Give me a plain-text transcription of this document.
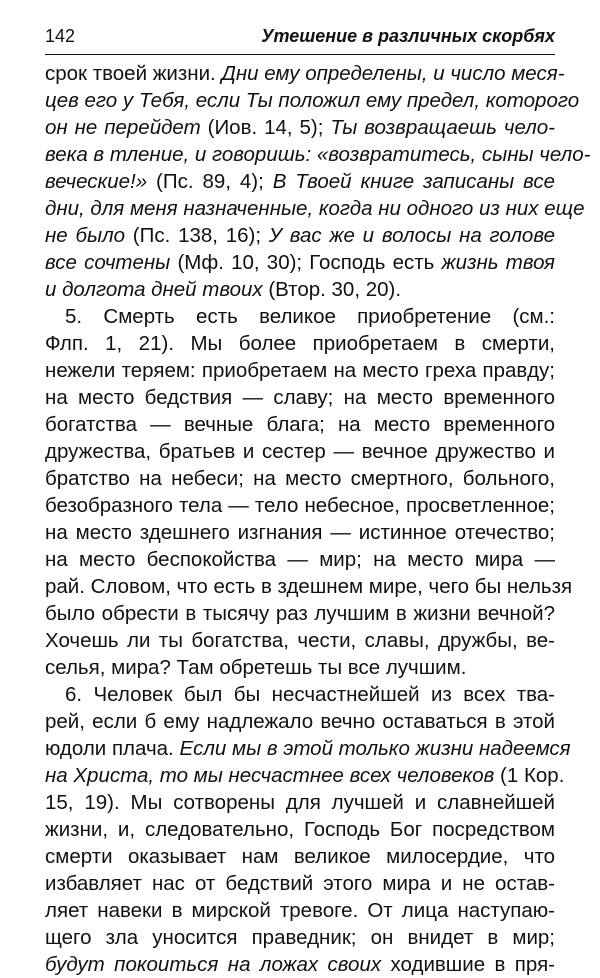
142	Утешение в различных скорбях
срок твоей жизни. Дни ему определены, и число меся-
цев его у Тебя, если Ты положил ему предел, которого
он не перейдет (Иов. 14, 5); Ты возвращаешь чело-
века в тление, и говоришь: «возвратитесь, сыны чело-
веческие!» (Пс. 89, 4); В Твоей книге записаны все
дни, для меня назначенные, когда ни одного из них еще
не было (Пс. 138, 16); У вас же и волосы на голове
все сочтены (Мф. 10, 30); Господь есть жизнь твоя
и долгота дней твоих (Втор. 30, 20).
5. Смерть есть великое приобретение (см.:
Флп. 1, 21). Мы более приобретаем в смерти,
нежели теряем: приобретаем на место греха правду;
на место бедствия — славу; на место временного
богатства — вечные блага; на место временного
дружества, братьев и сестер — вечное дружество и
братство на небеси; на место смертного, больного,
безобразного тела — тело небесное, просветленное;
на место здешнего изгнания — истинное отечество;
на место беспокойства — мир; на место мира —
рай. Словом, что есть в здешнем мире, чего бы нельзя
было обрести в тысячу раз лучшим в жизни вечной?
Хочешь ли ты богатства, чести, славы, дружбы, ве-
селья, мира? Там обретешь ты все лучшим.
6. Человек был бы несчастнейшей из всех тва-
рей, если б ему надлежало вечно оставаться в этой
юдоли плача. Если мы в этой только жизни надеемся
на Христа, то мы несчастнее всех человеков (1 Кор.
15, 19). Мы сотворены для лучшей и славнейшей
жизни, и, следовательно, Господь Бог посредством
смерти оказывает нам великое милосердие, что
избавляет нас от бедствий этого мира и не остав-
ляет навеки в мирской тревоге. От лица наступаю-
щего зла уносится праведник; он внидет в мир;
будут покоиться на ложах своих ходившие в пря-
